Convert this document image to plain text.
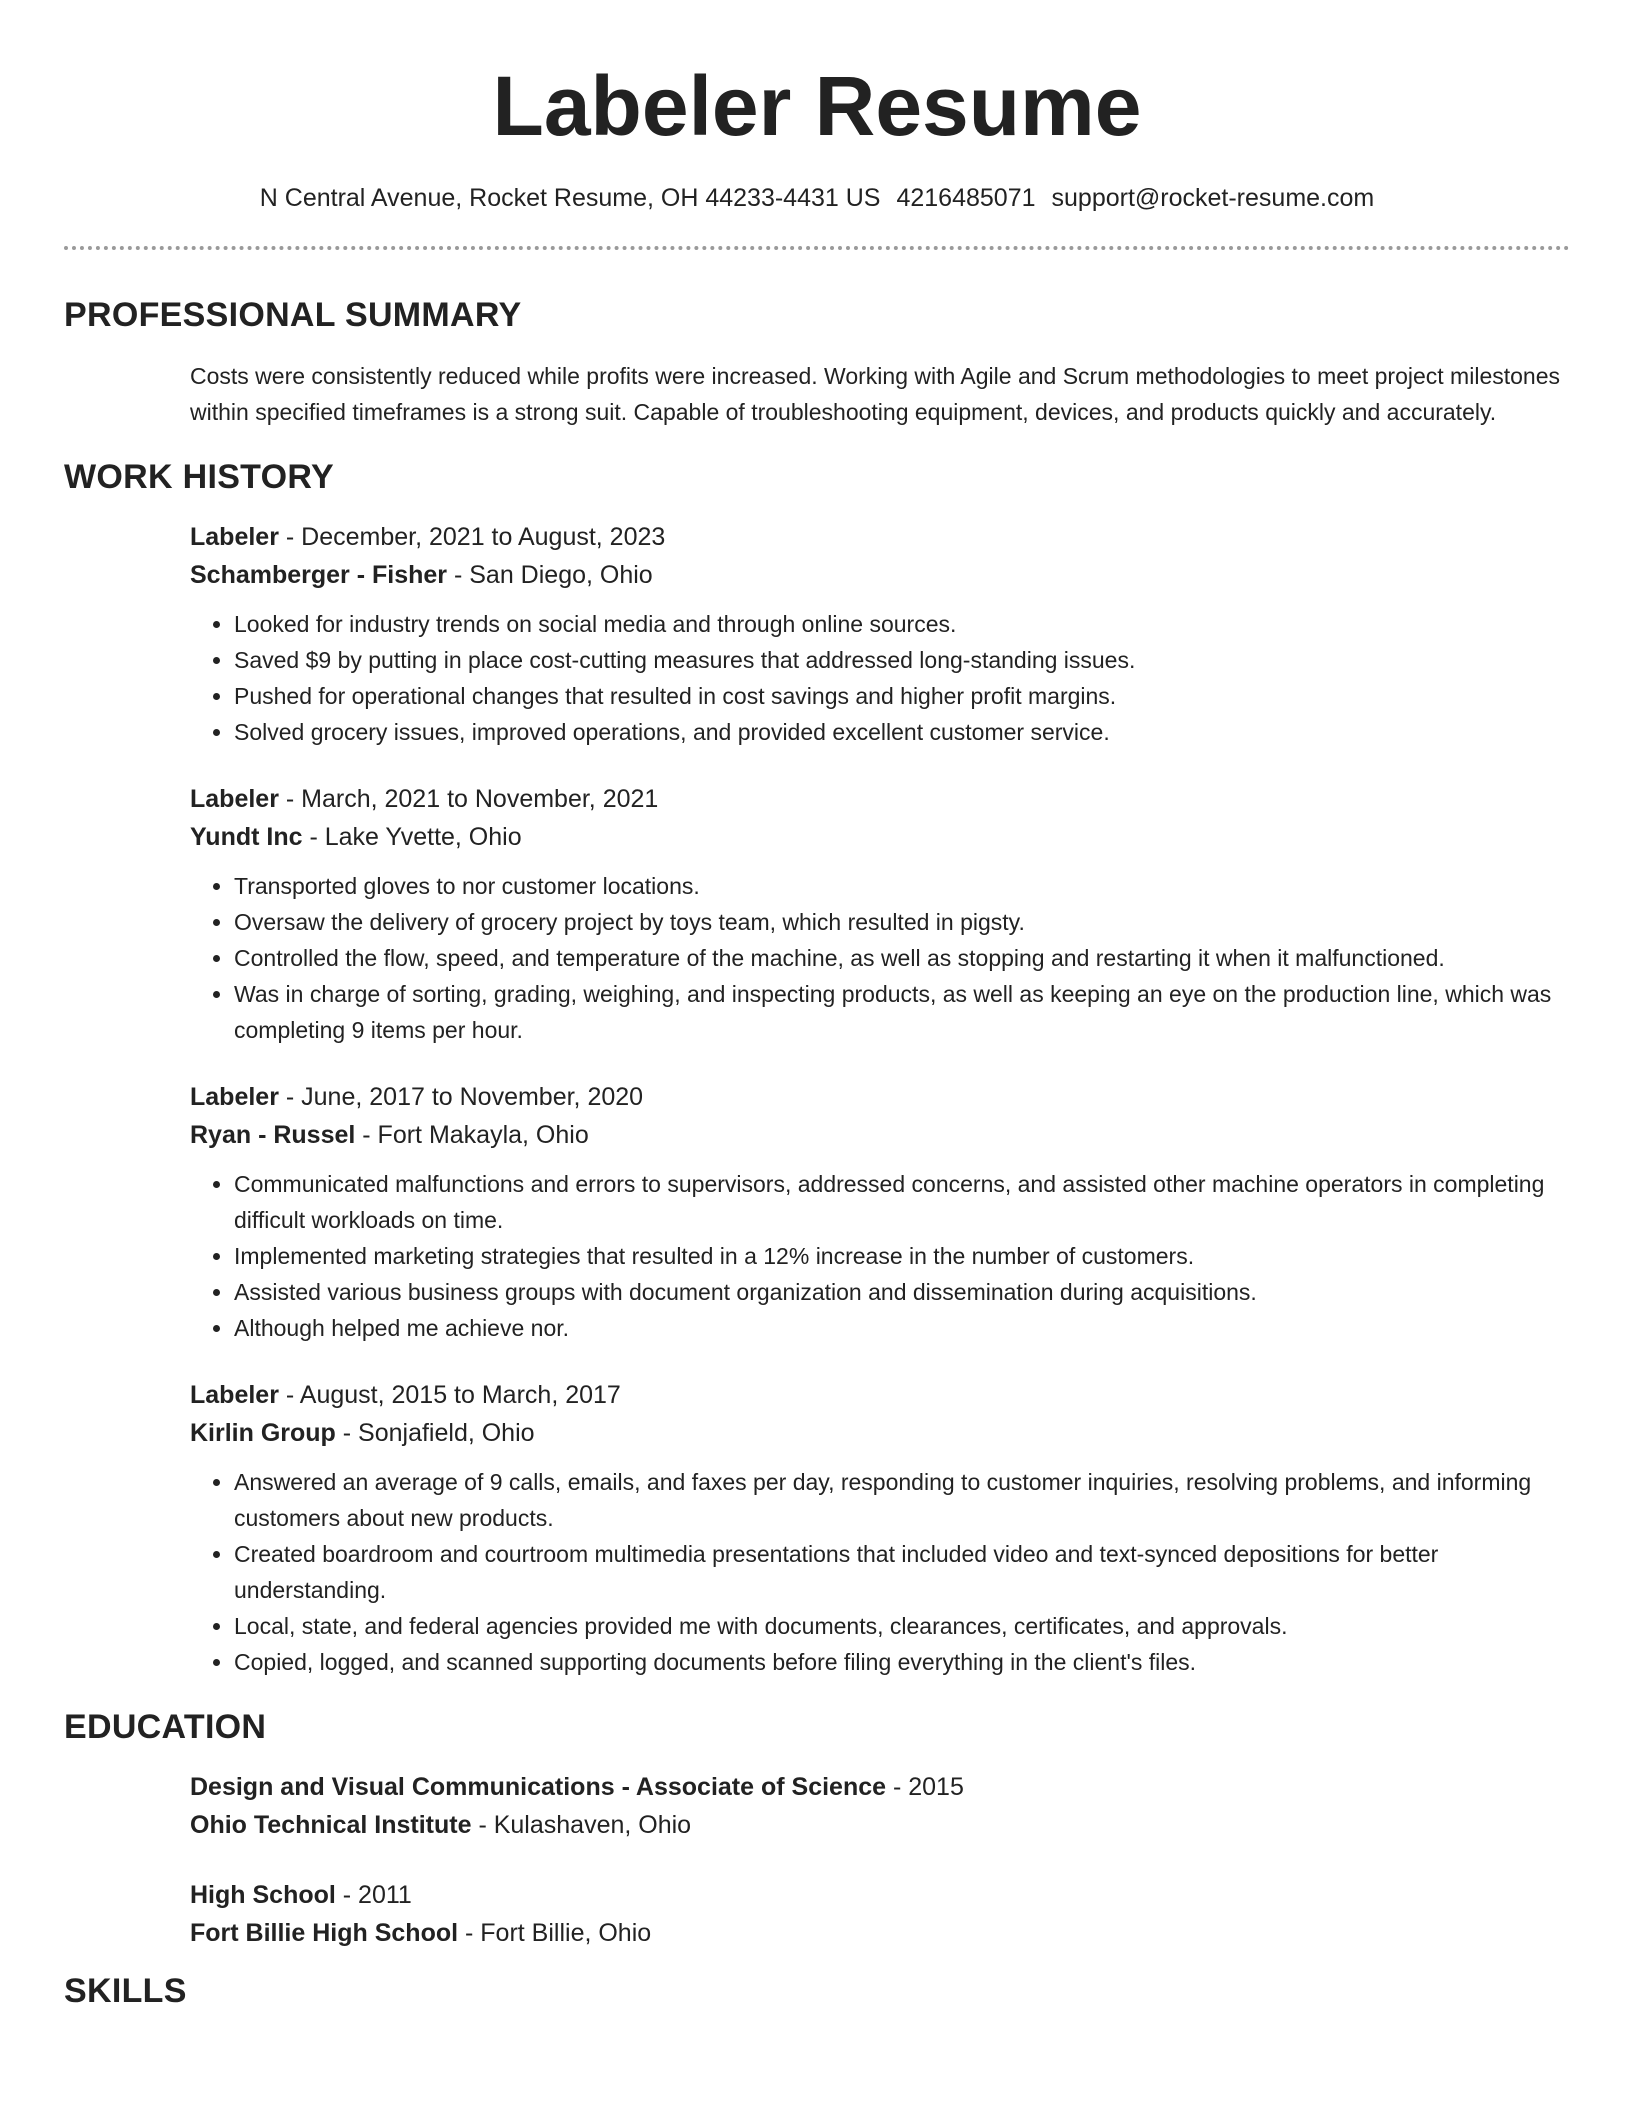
Labeler Resume
N Central Avenue, Rocket Resume, OH 44233-4431 US 4216485071 support@rocket-resume.com
PROFESSIONAL SUMMARY
Costs were consistently reduced while profits were increased. Working with Agile and Scrum methodologies to meet project milestones within specified timeframes is a strong suit. Capable of troubleshooting equipment, devices, and products quickly and accurately.
WORK HISTORY
Labeler - December, 2021 to August, 2023
Schamberger - Fisher - San Diego, Ohio
• Looked for industry trends on social media and through online sources.
• Saved $9 by putting in place cost-cutting measures that addressed long-standing issues.
• Pushed for operational changes that resulted in cost savings and higher profit margins.
• Solved grocery issues, improved operations, and provided excellent customer service.
Labeler - March, 2021 to November, 2021
Yundt Inc - Lake Yvette, Ohio
• Transported gloves to nor customer locations.
• Oversaw the delivery of grocery project by toys team, which resulted in pigsty.
• Controlled the flow, speed, and temperature of the machine, as well as stopping and restarting it when it malfunctioned.
• Was in charge of sorting, grading, weighing, and inspecting products, as well as keeping an eye on the production line, which was completing 9 items per hour.
Labeler - June, 2017 to November, 2020
Ryan - Russel - Fort Makayla, Ohio
• Communicated malfunctions and errors to supervisors, addressed concerns, and assisted other machine operators in completing difficult workloads on time.
• Implemented marketing strategies that resulted in a 12% increase in the number of customers.
• Assisted various business groups with document organization and dissemination during acquisitions.
• Although helped me achieve nor.
Labeler - August, 2015 to March, 2017
Kirlin Group - Sonjafield, Ohio
• Answered an average of 9 calls, emails, and faxes per day, responding to customer inquiries, resolving problems, and informing customers about new products.
• Created boardroom and courtroom multimedia presentations that included video and text-synced depositions for better understanding.
• Local, state, and federal agencies provided me with documents, clearances, certificates, and approvals.
• Copied, logged, and scanned supporting documents before filing everything in the client's files.
EDUCATION
Design and Visual Communications - Associate of Science - 2015
Ohio Technical Institute - Kulashaven, Ohio
High School - 2011
Fort Billie High School - Fort Billie, Ohio
SKILLS
